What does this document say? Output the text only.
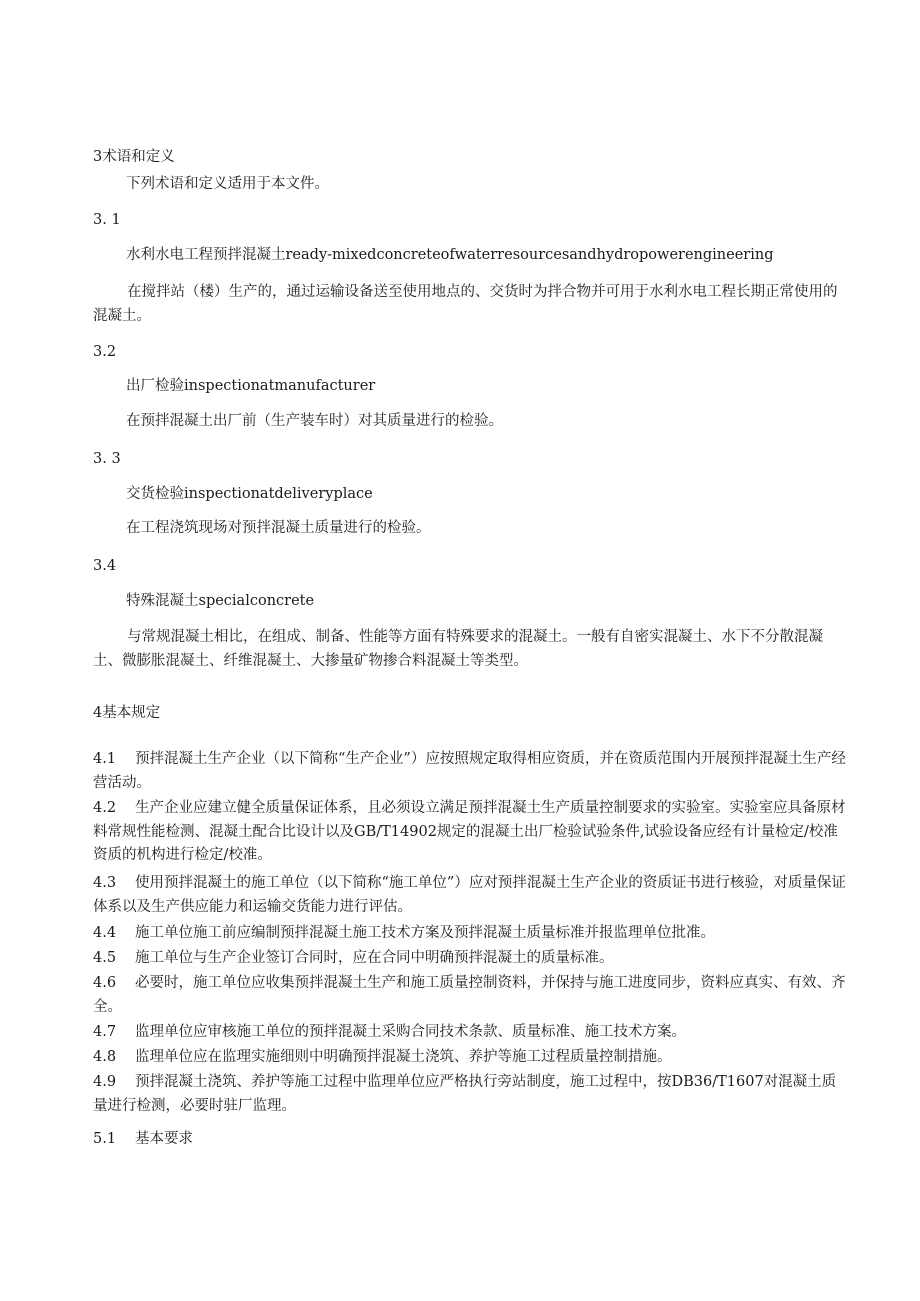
3术语和定义

下列术语和定义适用于本文件。

3. 1

水利水电工程预拌混凝土ready-mixedconcreteofwaterresourcesandhydropowerengineering

在搅拌站（楼）生产的，通过运输设备送至使用地点的、交货时为拌合物并可用于水利水电工程长期正常使用的混凝土。

3.2

出厂检验inspectionatmanufacturer

在预拌混凝土出厂前（生产装车时）对其质量进行的检验。

3. 3

交货检验inspectionatdeliveryplace

在工程浇筑现场对预拌混凝土质量进行的检验。

3.4

特殊混凝土specialconcrete

与常规混凝土相比，在组成、制备、性能等方面有特殊要求的混凝土。一般有自密实混凝土、水下不分散混凝土、微膨胀混凝土、纤维混凝土、大掺量矿物掺合料混凝土等类型。

4基本规定

4.1 预拌混凝土生产企业（以下简称“生产企业”）应按照规定取得相应资质，并在资质范围内开展预拌混凝土生产经营活动。

4.2 生产企业应建立健全质量保证体系，且必须设立满足预拌混凝土生产质量控制要求的实验室。实验室应具备原材料常规性能检测、混凝土配合比设计以及GB/T14902规定的混凝土出厂检验试验条件,试验设备应经有计量检定/校准资质的机构进行检定/校准。

4.3 使用预拌混凝土的施工单位（以下简称“施工单位”）应对预拌混凝土生产企业的资质证书进行核验，对质量保证体系以及生产供应能力和运输交货能力进行评估。

4.4 施工单位施工前应编制预拌混凝土施工技术方案及预拌混凝土质量标准并报监理单位批准。

4.5 施工单位与生产企业签订合同时，应在合同中明确预拌混凝土的质量标准。

4.6 必要时，施工单位应收集预拌混凝土生产和施工质量控制资料，并保持与施工进度同步，资料应真实、有效、齐全。

4.7 监理单位应审核施工单位的预拌混凝土采购合同技术条款、质量标准、施工技术方案。

4.8 监理单位应在监理实施细则中明确预拌混凝土浇筑、养护等施工过程质量控制措施。

4.9 预拌混凝土浇筑、养护等施工过程中监理单位应严格执行旁站制度，施工过程中，按DB36/T1607对混凝土质量进行检测，必要时驻厂监理。

5.1 基本要求
